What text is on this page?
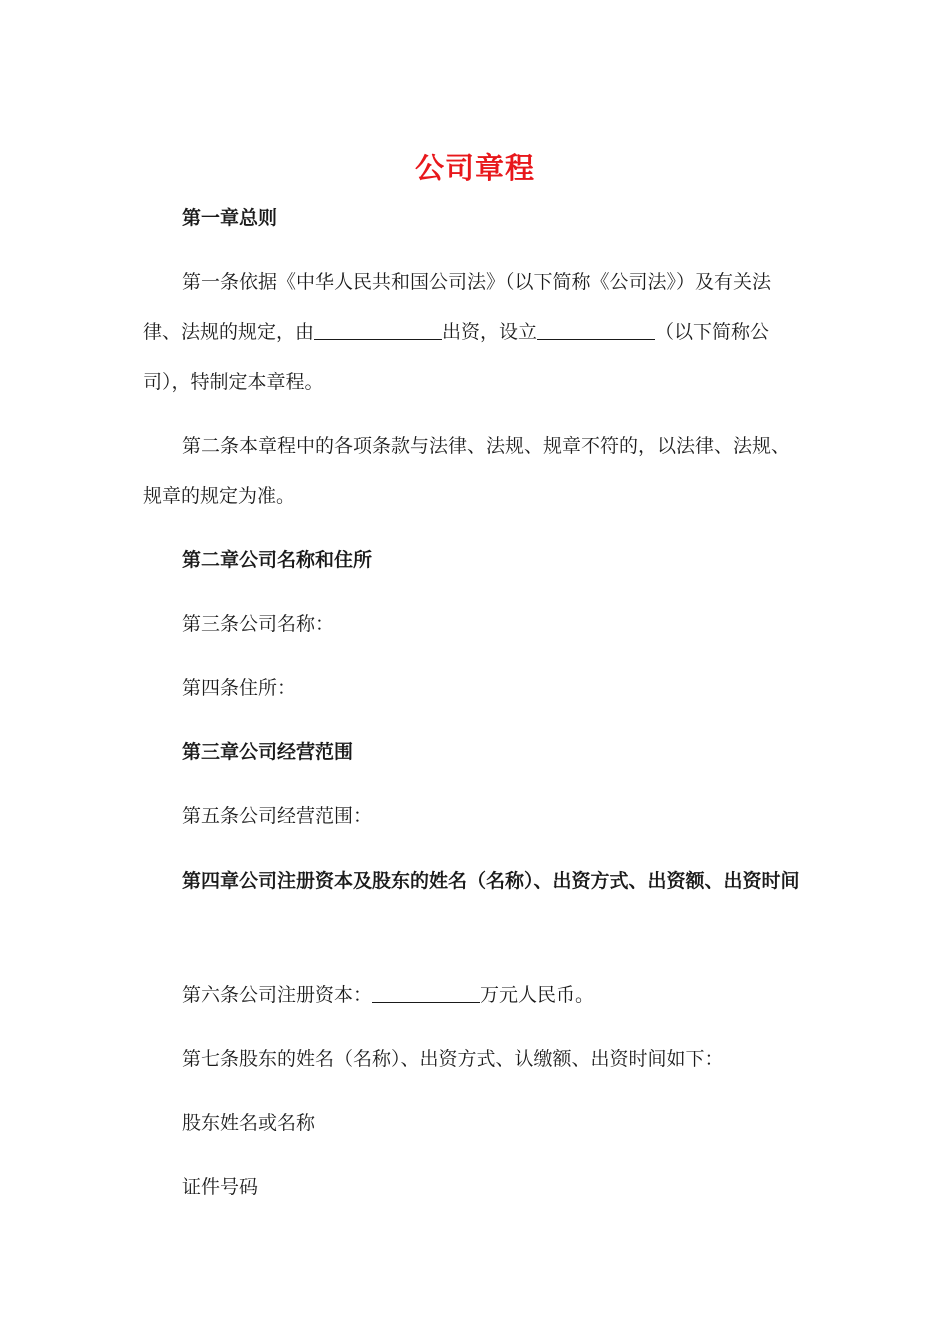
公司章程
第一章总则
第一条依据《中华人民共和国公司法》（以下简称《公司法》）及有关法律、法规的规定，由	出资，设立	（以下简称公司），特制定本章程。
第二条本章程中的各项条款与法律、法规、规章不符的，以法律、法规、规章的规定为准。
第二章公司名称和住所
第三条公司名称：
第四条住所：
第三章公司经营范围
第五条公司经营范围：
第四章公司注册资本及股东的姓名（名称）、出资方式、出资额、出资时间
第六条公司注册资本：	万元人民币。
第七条股东的姓名（名称）、出资方式、认缴额、出资时间如下：
股东姓名或名称
证件号码
